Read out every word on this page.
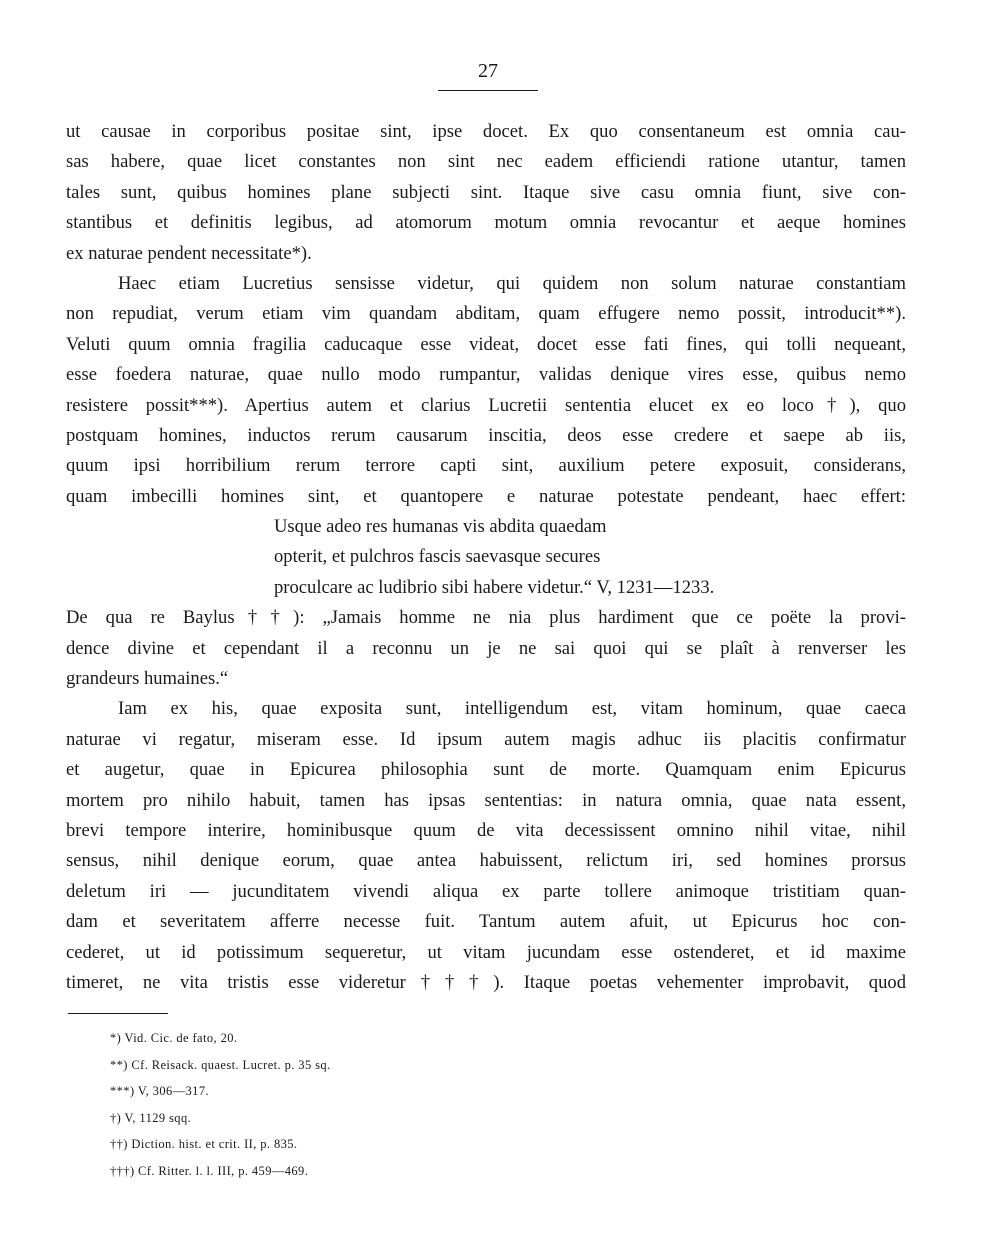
27
ut causae in corporibus positae sint, ipse docet. Ex quo consentaneum est omnia cau-
sas habere, quae licet constantes non sint nec eadem efficiendi ratione utantur, tamen
tales sunt, quibus homines plane subjecti sint. Itaque sive casu omnia fiunt, sive con-
stantibus et definitis legibus, ad atomorum motum omnia revocantur et aeque homines
ex naturae pendent necessitate*).
Haec etiam Lucretius sensisse videtur, qui quidem non solum naturae constantiam
non repudiat, verum etiam vim quandam abditam, quam effugere nemo possit, introducit**).
Veluti quum omnia fragilia caducaque esse videat, docet esse fati fines, qui tolli nequeant,
esse foedera naturae, quae nullo modo rumpantur, validas denique vires esse, quibus nemo
resistere possit***). Apertius autem et clarius Lucretii sententia elucet ex eo loco†), quo
postquam homines, inductos rerum causarum inscitia, deos esse credere et saepe ab iis,
quum ipsi horribilium rerum terrore capti sint, auxilium petere exposuit, considerans,
quam imbecilli homines sint, et quantopere e naturae potestate pendeant, haec effert:
Usque adeo res humanas vis abdita quaedam
opterit, et pulchros fascis saevasque secures
proculcare ac ludibrio sibi habere videtur.“ V, 1231—1233.
De qua re Baylus††): „Jamais homme ne nia plus hardiment que ce poëte la provi-
dence divine et cependant il a reconnu un je ne sai quoi qui se plaît à renverser les
grandeurs humaines.“
Iam ex his, quae exposita sunt, intelligendum est, vitam hominum, quae caeca
naturae vi regatur, miseram esse. Id ipsum autem magis adhuc iis placitis confirmatur
et augetur, quae in Epicurea philosophia sunt de morte. Quamquam enim Epicurus
mortem pro nihilo habuit, tamen has ipsas sententias: in natura omnia, quae nata essent,
brevi tempore interire, hominibusque quum de vita decessissent omnino nihil vitae, nihil
sensus, nihil denique eorum, quae antea habuissent, relictum iri, sed homines prorsus
deletum iri — jucunditatem vivendi aliqua ex parte tollere animoque tristitiam quan-
dam et severitatem afferre necesse fuit. Tantum autem afuit, ut Epicurus hoc con-
cederet, ut id potissimum sequeretur, ut vitam jucundam esse ostenderet, et id maxime
timeret, ne vita tristis esse videretur†††). Itaque poetas vehementer improbavit, quod
*) Vid. Cic. de fato, 20.
**) Cf. Reisack. quaest. Lucret. p. 35 sq.
***) V, 306—317.
†) V, 1129 sqq.
††) Diction. hist. et crit. II, p. 835.
†††) Cf. Ritter. l. l. III, p. 459—469.
